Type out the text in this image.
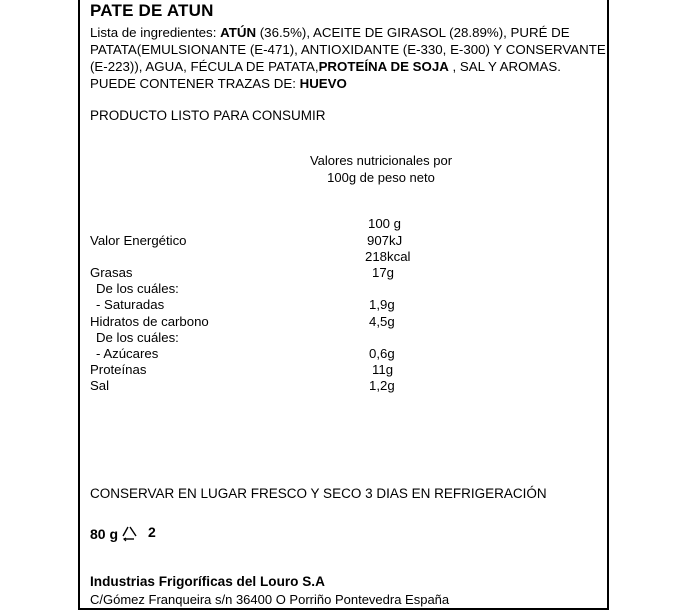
PATE DE ATUN
Lista de ingredientes: ATÚN (36.5%), ACEITE DE GIRASOL (28.89%), PURÉ DE PATATA(EMULSIONANTE (E-471), ANTIOXIDANTE (E-330, E-300) Y CONSERVANTE (E-223)), AGUA, FÉCULA DE PATATA,PROTEÍNA DE SOJA , SAL Y AROMAS. PUEDE CONTENER TRAZAS DE: HUEVO
PRODUCTO LISTO PARA CONSUMIR
Valores nutricionales por
100g de peso neto
100 g
Valor Energético	907kJ
218kcal
Grasas	17g
De los cuáles:
- Saturadas	1,9g
Hidratos de carbono	4,5g
De los cuáles:
- Azúcares	0,6g
Proteínas	11g
Sal	1,2g
CONSERVAR EN LUGAR FRESCO Y SECO 3 DIAS EN REFRIGERACIÓN
80 g 2
Industrias Frigoríficas del Louro S.A
C/Gómez Franqueira s/n 36400 O Porriño Pontevedra España
